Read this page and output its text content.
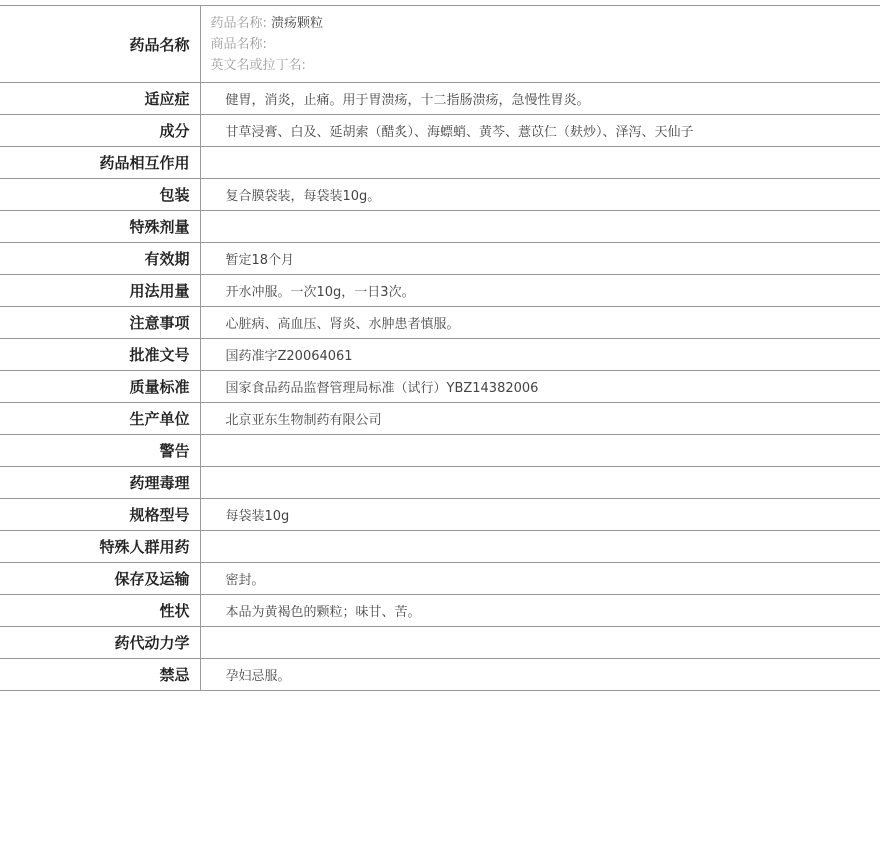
药品名称	药品名称: 溃疡颗粒
商品名称:
英文名或拉丁名:

适应症	健胃，消炎，止痛。用于胃溃疡，十二指肠溃疡，急慢性胃炎。
成分	甘草浸膏、白及、延胡索（醋炙）、海螵蛸、黄芩、薏苡仁（麸炒）、泽泻、天仙子
药品相互作用	
包装	复合膜袋装，每袋装10g。
特殊剂量	
有效期	暂定18个月
用法用量	开水冲服。一次10g，一日3次。
注意事项	心脏病、高血压、肾炎、水肿患者慎服。
批准文号	国药准字Z20064061
质量标准	国家食品药品监督管理局标准（试行）YBZ14382006
生产单位	北京亚东生物制药有限公司
警告	
药理毒理	
规格型号	每袋装10g
特殊人群用药	
保存及运输	密封。
性状	本品为黄褐色的颗粒；味甘、苦。
药代动力学	
禁忌	孕妇忌服。
